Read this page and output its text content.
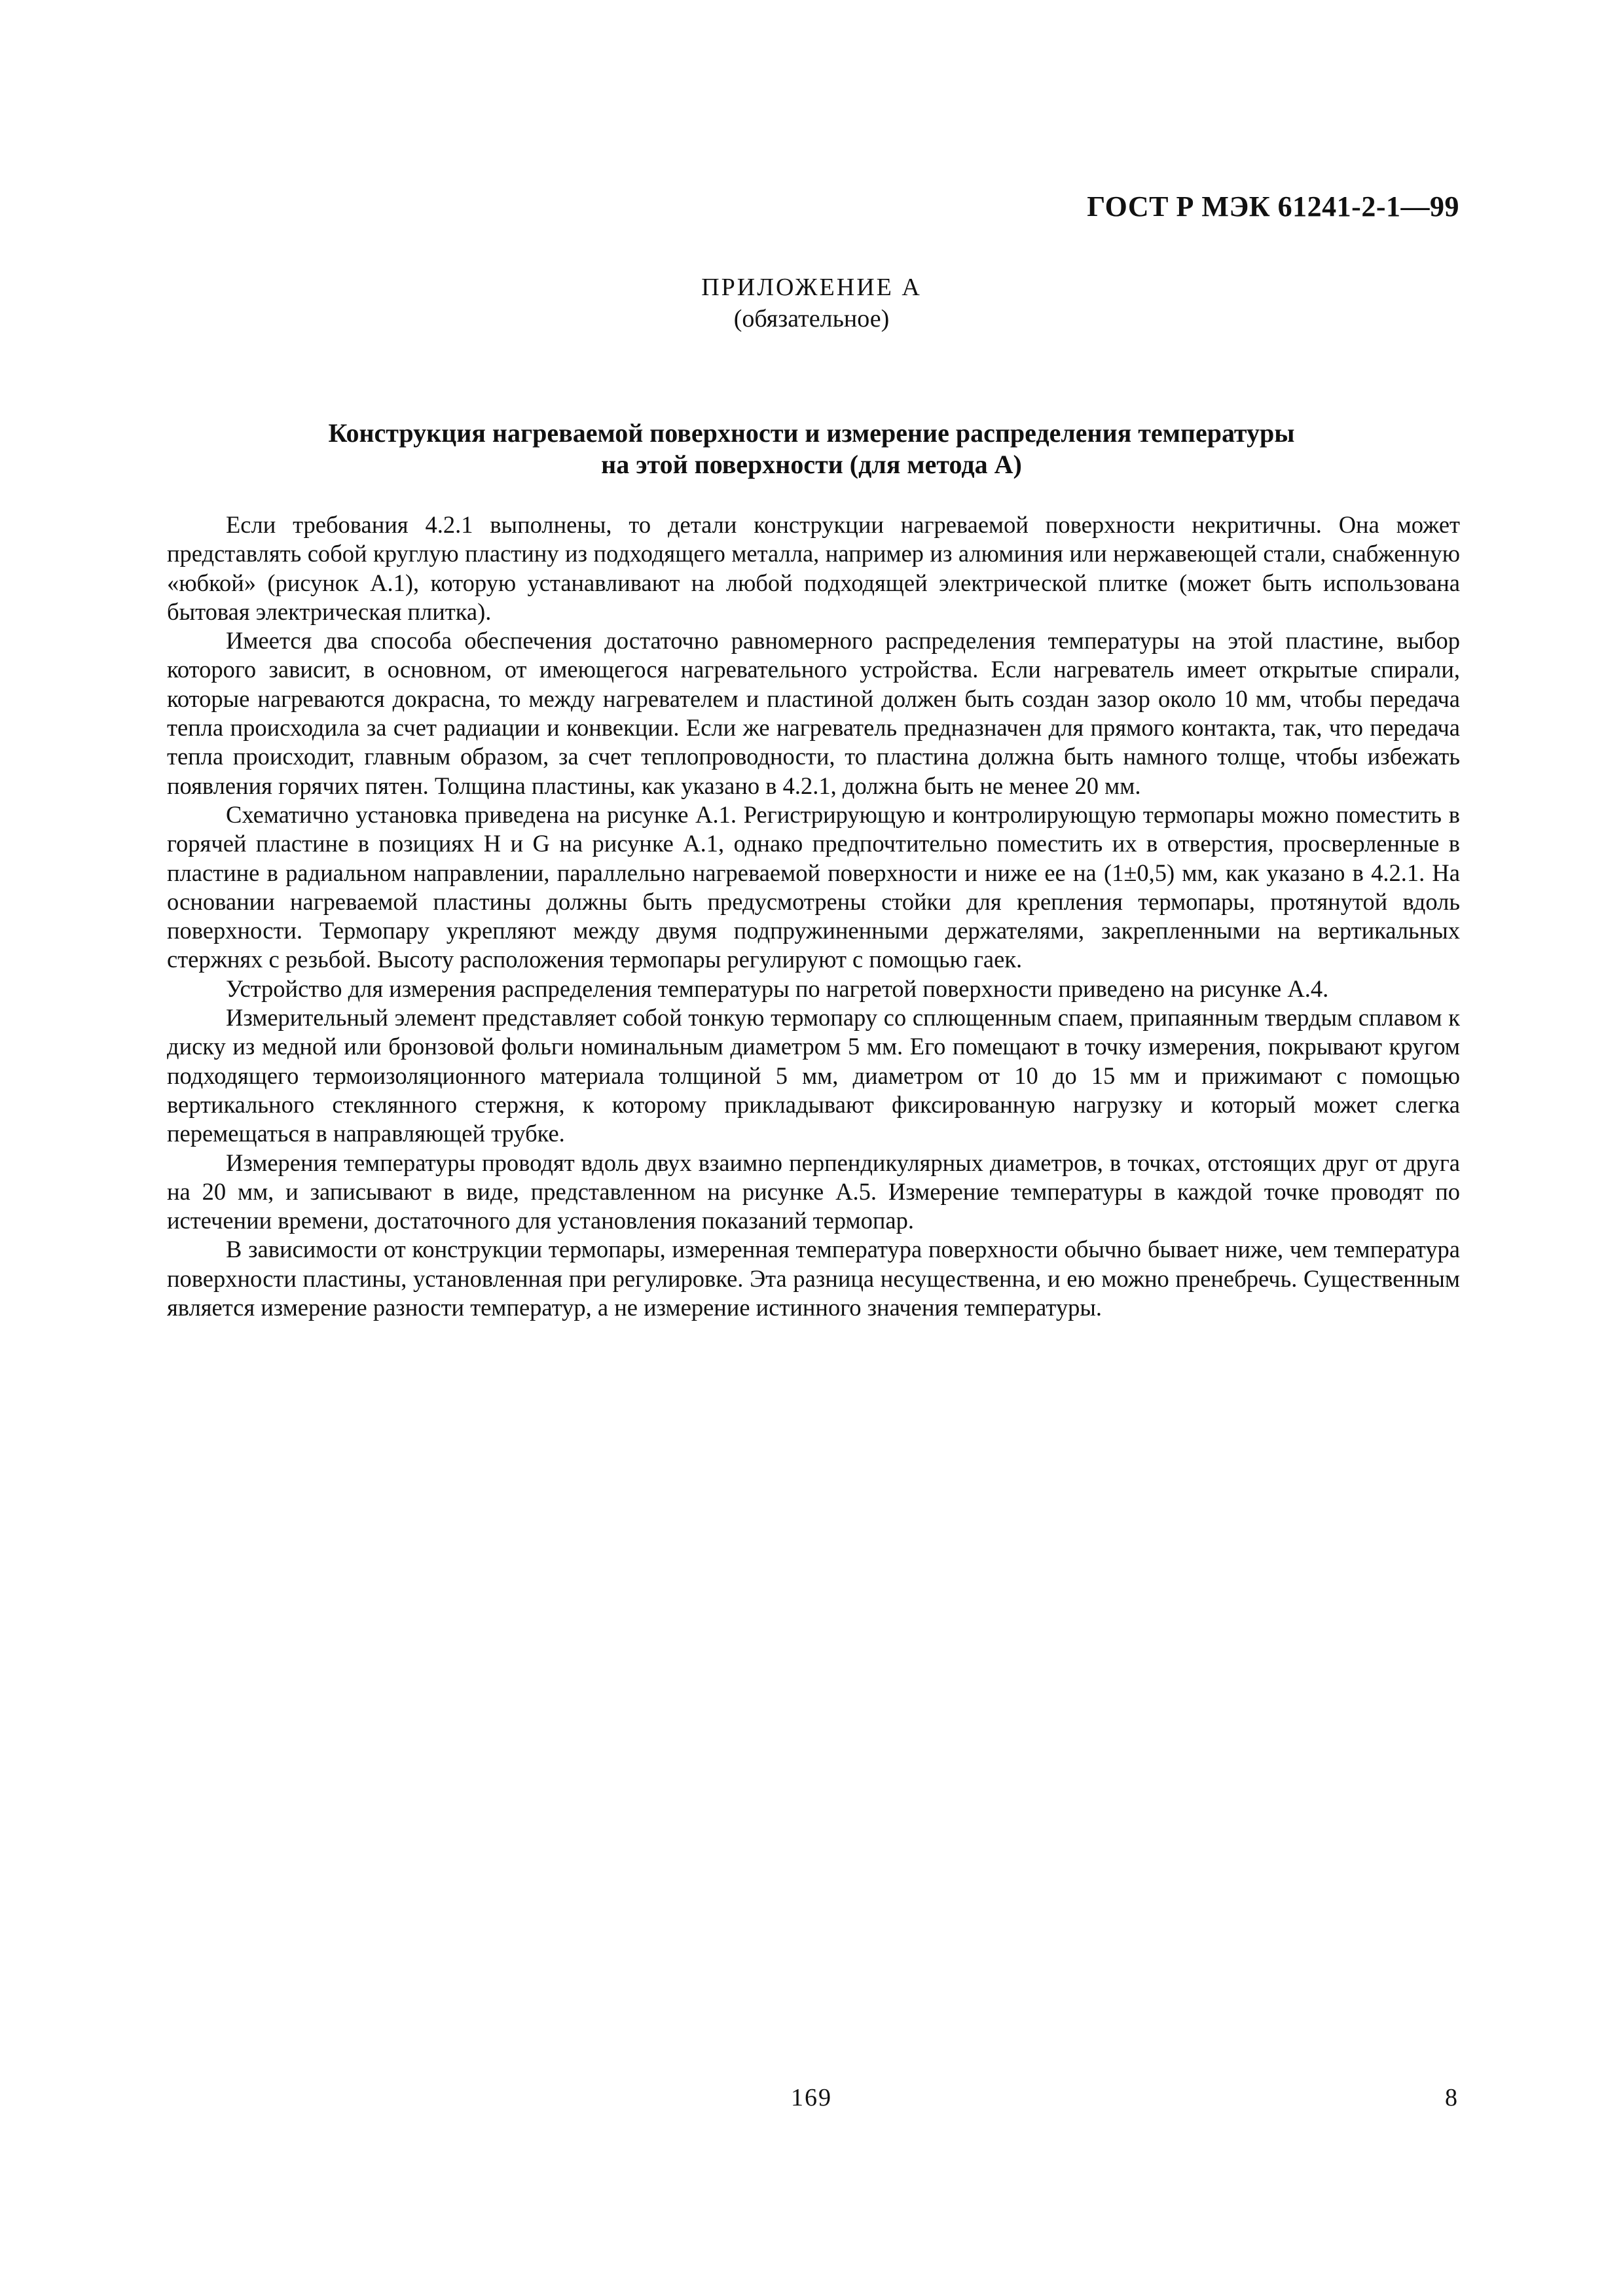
ГОСТ Р МЭК 61241-2-1—99
ПРИЛОЖЕНИЕ А
(обязательное)
Конструкция нагреваемой поверхности и измерение распределения температуры
на этой поверхности (для метода А)

Если требования 4.2.1 выполнены, то детали конструкции нагреваемой поверхности некритичны. Она может представлять собой круглую пластину из подходящего металла, например из алюминия или нержавеющей стали, снабженную «юбкой» (рисунок А.1), которую устанавливают на любой подходящей электрической плитке (может быть использована бытовая электрическая плитка).

Имеется два способа обеспечения достаточно равномерного распределения температуры на этой пластине, выбор которого зависит, в основном, от имеющегося нагревательного устройства. Если нагреватель имеет открытые спирали, которые нагреваются докрасна, то между нагревателем и пластиной должен быть создан зазор около 10 мм, чтобы передача тепла происходила за счет радиации и конвекции. Если же нагреватель предназначен для прямого контакта, так, что передача тепла происходит, главным образом, за счет теплопроводности, то пластина должна быть намного толще, чтобы избежать появления горячих пятен. Толщина пластины, как указано в 4.2.1, должна быть не менее 20 мм.

Схематично установка приведена на рисунке А.1. Регистрирующую и контролирующую термопары можно поместить в горячей пластине в позициях H и G на рисунке А.1, однако предпочтительно поместить их в отверстия, просверленные в пластине в радиальном направлении, параллельно нагреваемой поверхности и ниже ее на (1±0,5) мм, как указано в 4.2.1. На основании нагреваемой пластины должны быть предусмотрены стойки для крепления термопары, протянутой вдоль поверхности. Термопару укрепляют между двумя подпружиненными держателями, закрепленными на вертикальных стержнях с резьбой. Высоту расположения термопары регулируют с помощью гаек.

Устройство для измерения распределения температуры по нагретой поверхности приведено на рисунке А.4.

Измерительный элемент представляет собой тонкую термопару со сплющенным спаем, припаянным твердым сплавом к диску из медной или бронзовой фольги номинальным диаметром 5 мм. Его помещают в точку измерения, покрывают кругом подходящего термоизоляционного материала толщиной 5 мм, диаметром от 10 до 15 мм и прижимают с помощью вертикального стеклянного стержня, к которому прикладывают фиксированную нагрузку и который может слегка перемещаться в направляющей трубке.

Измерения температуры проводят вдоль двух взаимно перпендикулярных диаметров, в точках, отстоящих друг от друга на 20 мм, и записывают в виде, представленном на рисунке А.5. Измерение температуры в каждой точке проводят по истечении времени, достаточного для установления показаний термопар.

В зависимости от конструкции термопары, измеренная температура поверхности обычно бывает ниже, чем температура поверхности пластины, установленная при регулировке. Эта разница несущественна, и ею можно пренебречь. Существенным является измерение разности температур, а не измерение истинного значения температуры.

169	8
